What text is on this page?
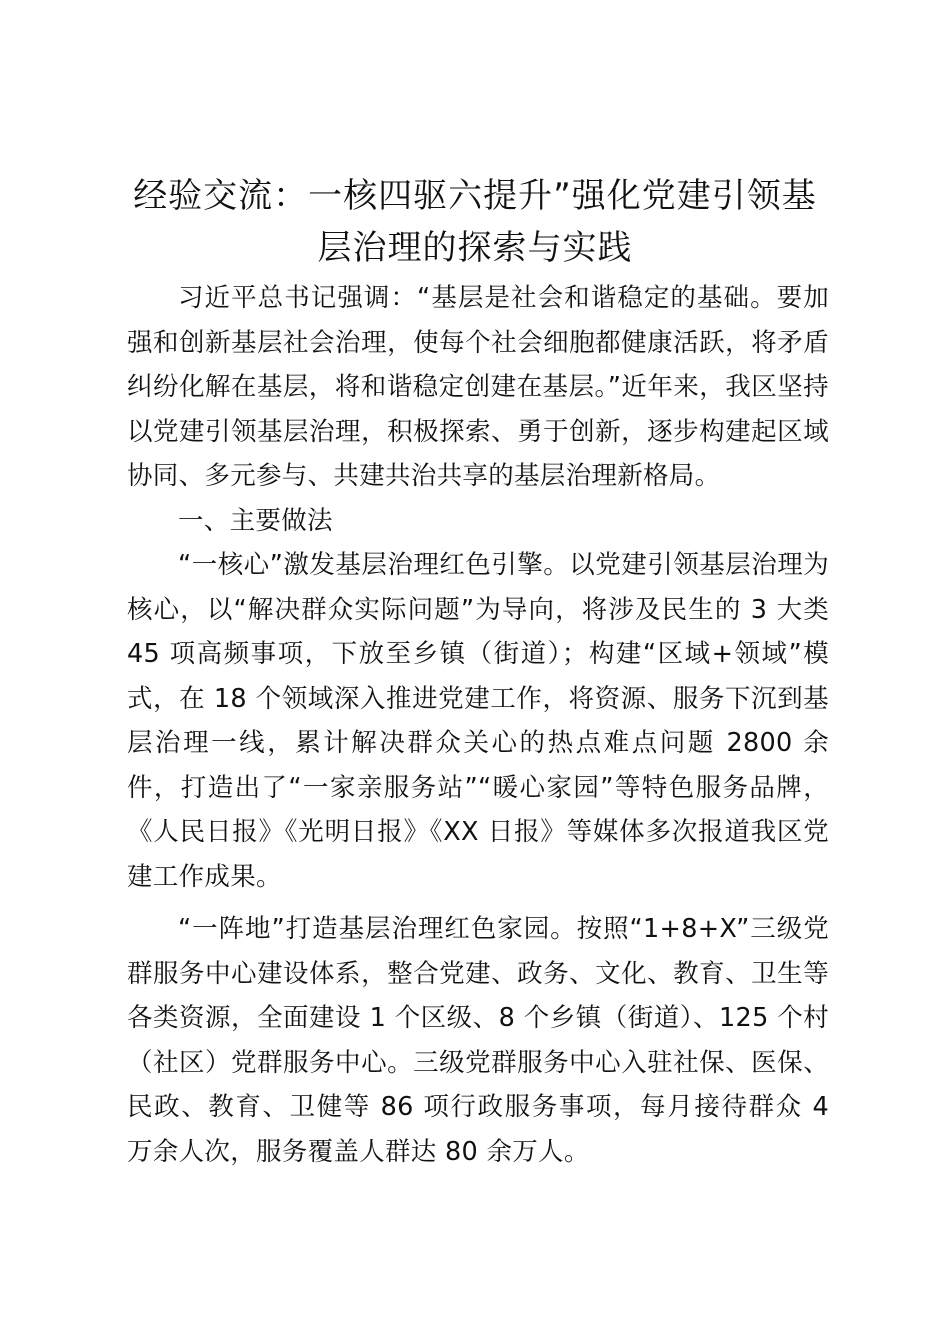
经验交流：一核四驱六提升”强化党建引领基层治理的探索与实践

习近平总书记强调：“基层是社会和谐稳定的基础。要加强和创新基层社会治理，使每个社会细胞都健康活跃，将矛盾纠纷化解在基层，将和谐稳定创建在基层。”近年来，我区坚持以党建引领基层治理，积极探索、勇于创新，逐步构建起区域协同、多元参与、共建共治共享的基层治理新格局。

一、主要做法

“一核心”激发基层治理红色引擎。以党建引领基层治理为核心，以“解决群众实际问题”为导向，将涉及民生的 3 大类 45 项高频事项，下放至乡镇（街道）；构建“区域+领域”模式，在 18 个领域深入推进党建工作，将资源、服务下沉到基层治理一线，累计解决群众关心的热点难点问题 2800 余件，打造出了“一家亲服务站”“暖心家园”等特色服务品牌，《人民日报》《光明日报》《XX 日报》等媒体多次报道我区党建工作成果。

“一阵地”打造基层治理红色家园。按照“1+8+X”三级党群服务中心建设体系，整合党建、政务、文化、教育、卫生等各类资源，全面建设 1 个区级、8 个乡镇（街道）、125 个村（社区）党群服务中心。三级党群服务中心入驻社保、医保、民政、教育、卫健等 86 项行政服务事项，每月接待群众 4 万余人次，服务覆盖人群达 80 余万人。
